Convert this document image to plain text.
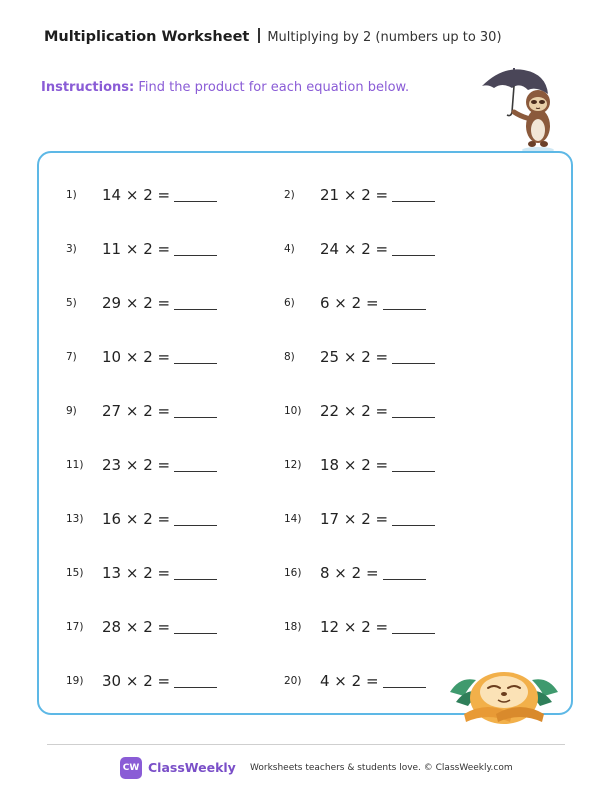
Multiplication Worksheet Multiplying by 2 (numbers up to 30)
Instructions: Find the product for each equation below.
1) 14 × 2 =	2) 21 × 2 =
3) 11 × 2 =	4) 24 × 2 =
5) 29 × 2 =	6) 6 × 2 =
7) 10 × 2 =	8) 25 × 2 =
9) 27 × 2 =	10) 22 × 2 =
11) 23 × 2 =	12) 18 × 2 =
13) 16 × 2 =	14) 17 × 2 =
15) 13 × 2 =	16) 8 × 2 =
17) 28 × 2 =	18) 12 × 2 =
19) 30 × 2 =	20) 4 × 2 =
CW ClassWeekly Worksheets teachers & students love. © ClassWeekly.com
